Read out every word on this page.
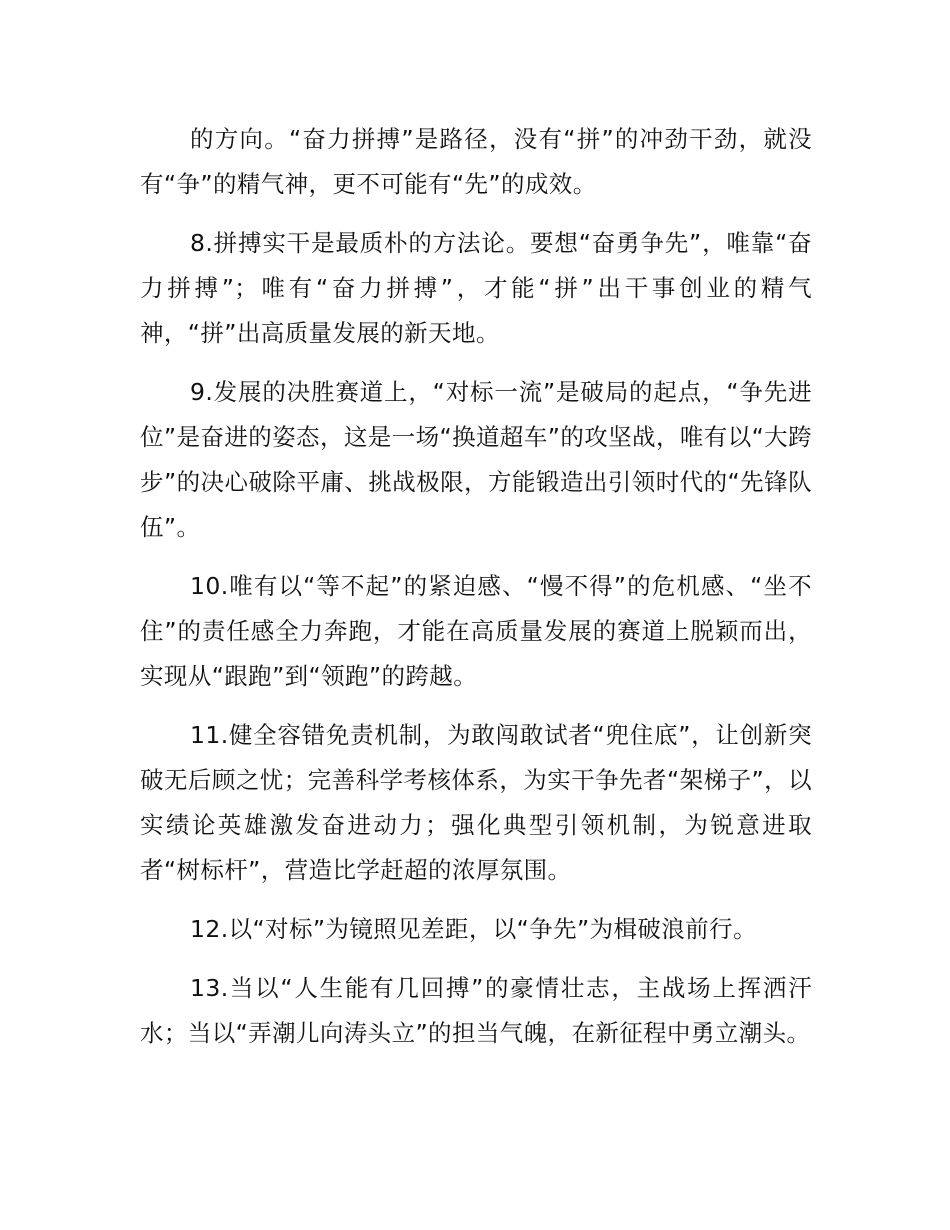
的方向。“奋力拼搏”是路径，没有“拼”的冲劲干劲，就没有“争”的精气神，更不可能有“先”的成效。

8.拼搏实干是最质朴的方法论。要想“奋勇争先”，唯靠“奋力拼搏”；唯有“奋力拼搏”，才能“拼”出干事创业的精气神，“拼”出高质量发展的新天地。

9.发展的决胜赛道上，“对标一流”是破局的起点，“争先进位”是奋进的姿态，这是一场“换道超车”的攻坚战，唯有以“大跨步”的决心破除平庸、挑战极限，方能锻造出引领时代的“先锋队伍”。

10.唯有以“等不起”的紧迫感、“慢不得”的危机感、“坐不住”的责任感全力奔跑，才能在高质量发展的赛道上脱颖而出，实现从“跟跑”到“领跑”的跨越。

11.健全容错免责机制，为敢闯敢试者“兜住底”，让创新突破无后顾之忧；完善科学考核体系，为实干争先者“架梯子”，以实绩论英雄激发奋进动力；强化典型引领机制，为锐意进取者“树标杆”，营造比学赶超的浓厚氛围。

12.以“对标”为镜照见差距，以“争先”为楫破浪前行。

13.当以“人生能有几回搏”的豪情壮志，主战场上挥洒汗水；当以“弄潮儿向涛头立”的担当气魄，在新征程中勇立潮头。
